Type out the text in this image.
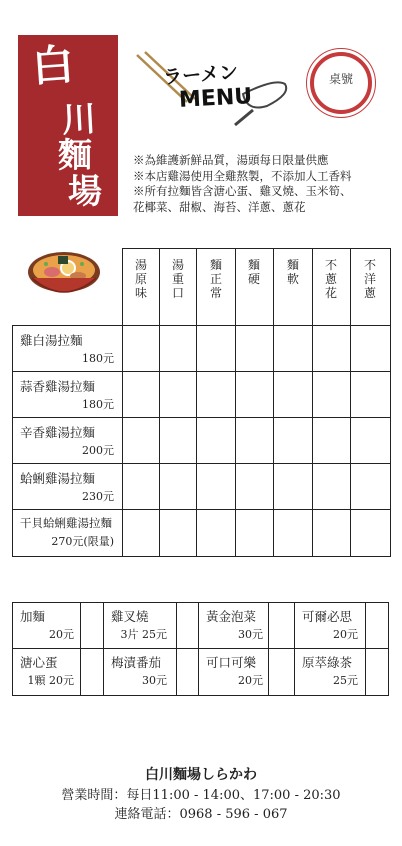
白
川
麵
場
ラーメン
MENU
桌號
※為維護新鮮品質，湯頭每日限量供應
※本店雞湯使用全雞熬製，不添加人工香料
※所有拉麵皆含溏心蛋、雞叉燒、玉米筍、
花椰菜、甜椒、海苔、洋蔥、蔥花
湯
原
味
湯
重
口
麵
正
常
麵
硬
麵
軟
不
蔥
花
不
洋
蔥
雞白湯拉麵
180元
蒜香雞湯拉麵
180元
辛香雞湯拉麵
200元
蛤蜊雞湯拉麵
230元
干貝蛤蜊雞湯拉麵
270元(限量)
加麵
20元
雞叉燒
3片 25元
黃金泡菜
30元
可爾必思
20元
溏心蛋
1顆 20元
梅漬番茄
30元
可口可樂
20元
原萃綠茶
25元
白川麵場しらかわ
營業時間：每日11:00 - 14:00、17:00 - 20:30
連絡電話：0968 - 596 - 067
